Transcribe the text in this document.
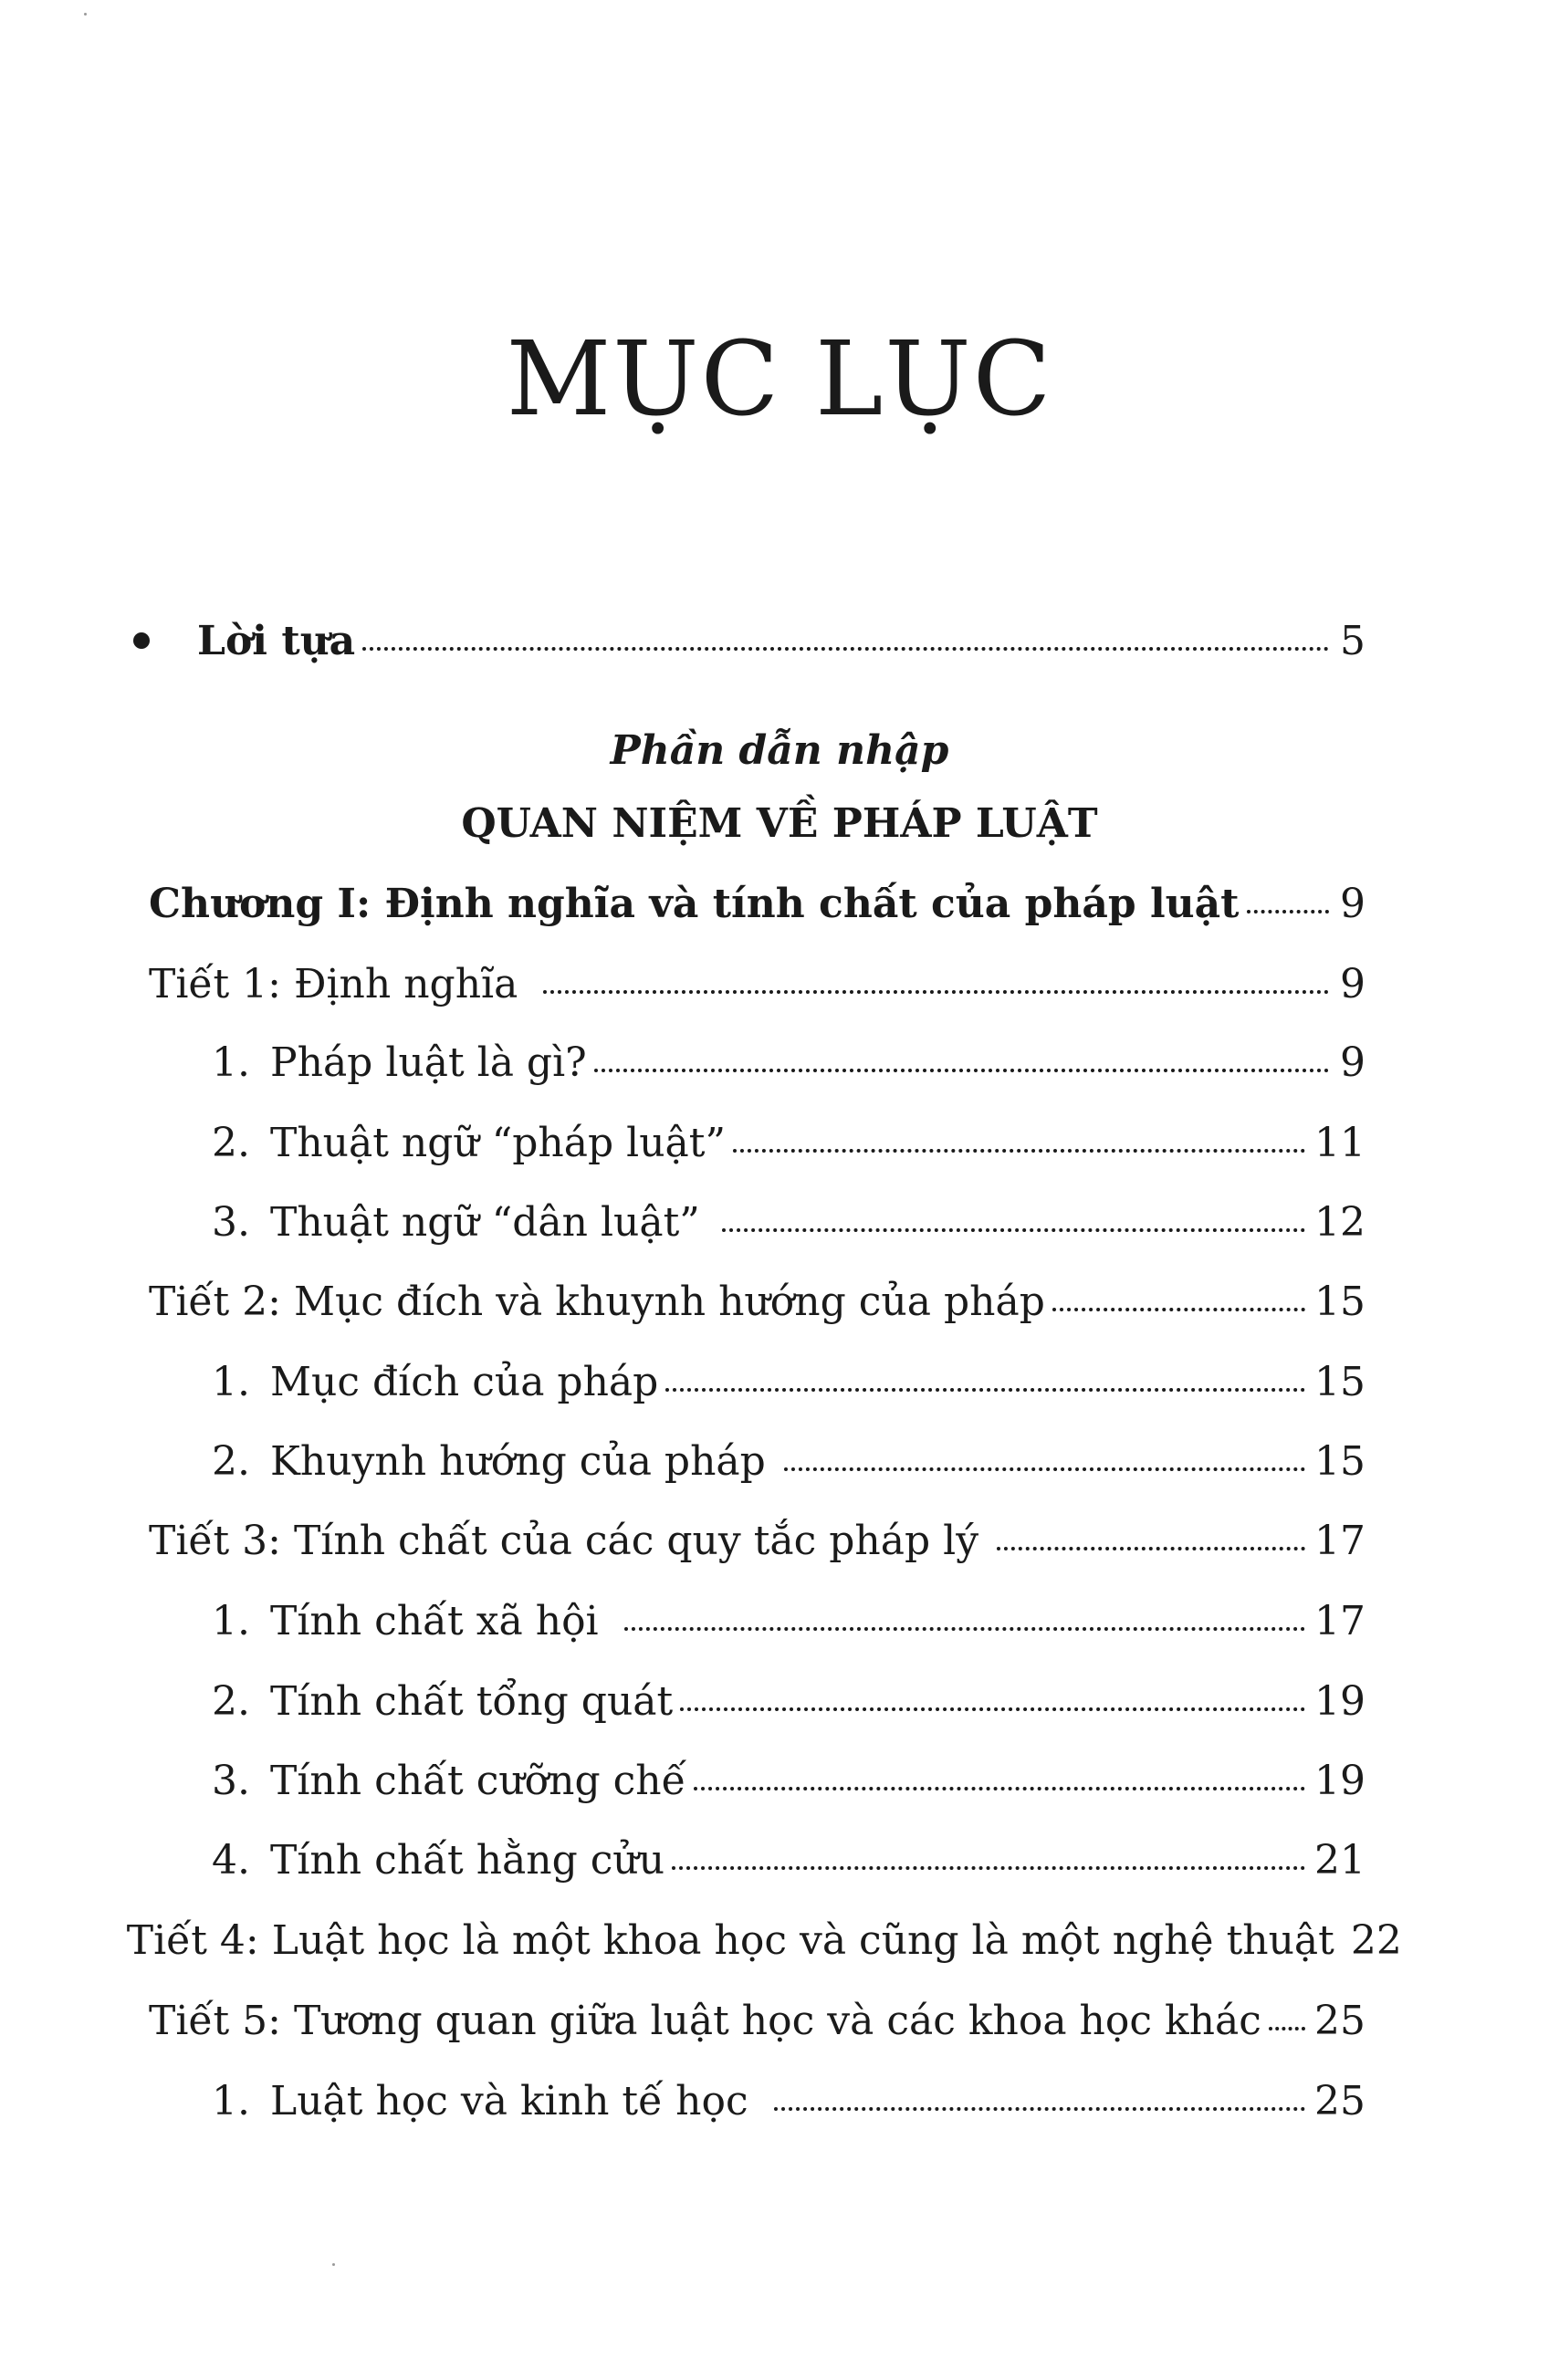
MỤC LỤC
Lời tựa	5
Phần dẫn nhập
QUAN NIỆM VỀ PHÁP LUẬT
Chương I: Định nghĩa và tính chất của pháp luật	9
Tiết 1: Định nghĩa	9
1. Pháp luật là gì?	9
2. Thuật ngữ “pháp luật”	11
3. Thuật ngữ “dân luật”	12
Tiết 2: Mục đích và khuynh hướng của pháp	15
1. Mục đích của pháp	15
2. Khuynh hướng của pháp	15
Tiết 3: Tính chất của các quy tắc pháp lý	17
1. Tính chất xã hội	17
2. Tính chất tổng quát	19
3. Tính chất cưỡng chế	19
4. Tính chất hằng cửu	21
Tiết 4: Luật học là một khoa học và cũng là một nghệ thuật 22
Tiết 5: Tương quan giữa luật học và các khoa học khác 25
1. Luật học và kinh tế học	25
